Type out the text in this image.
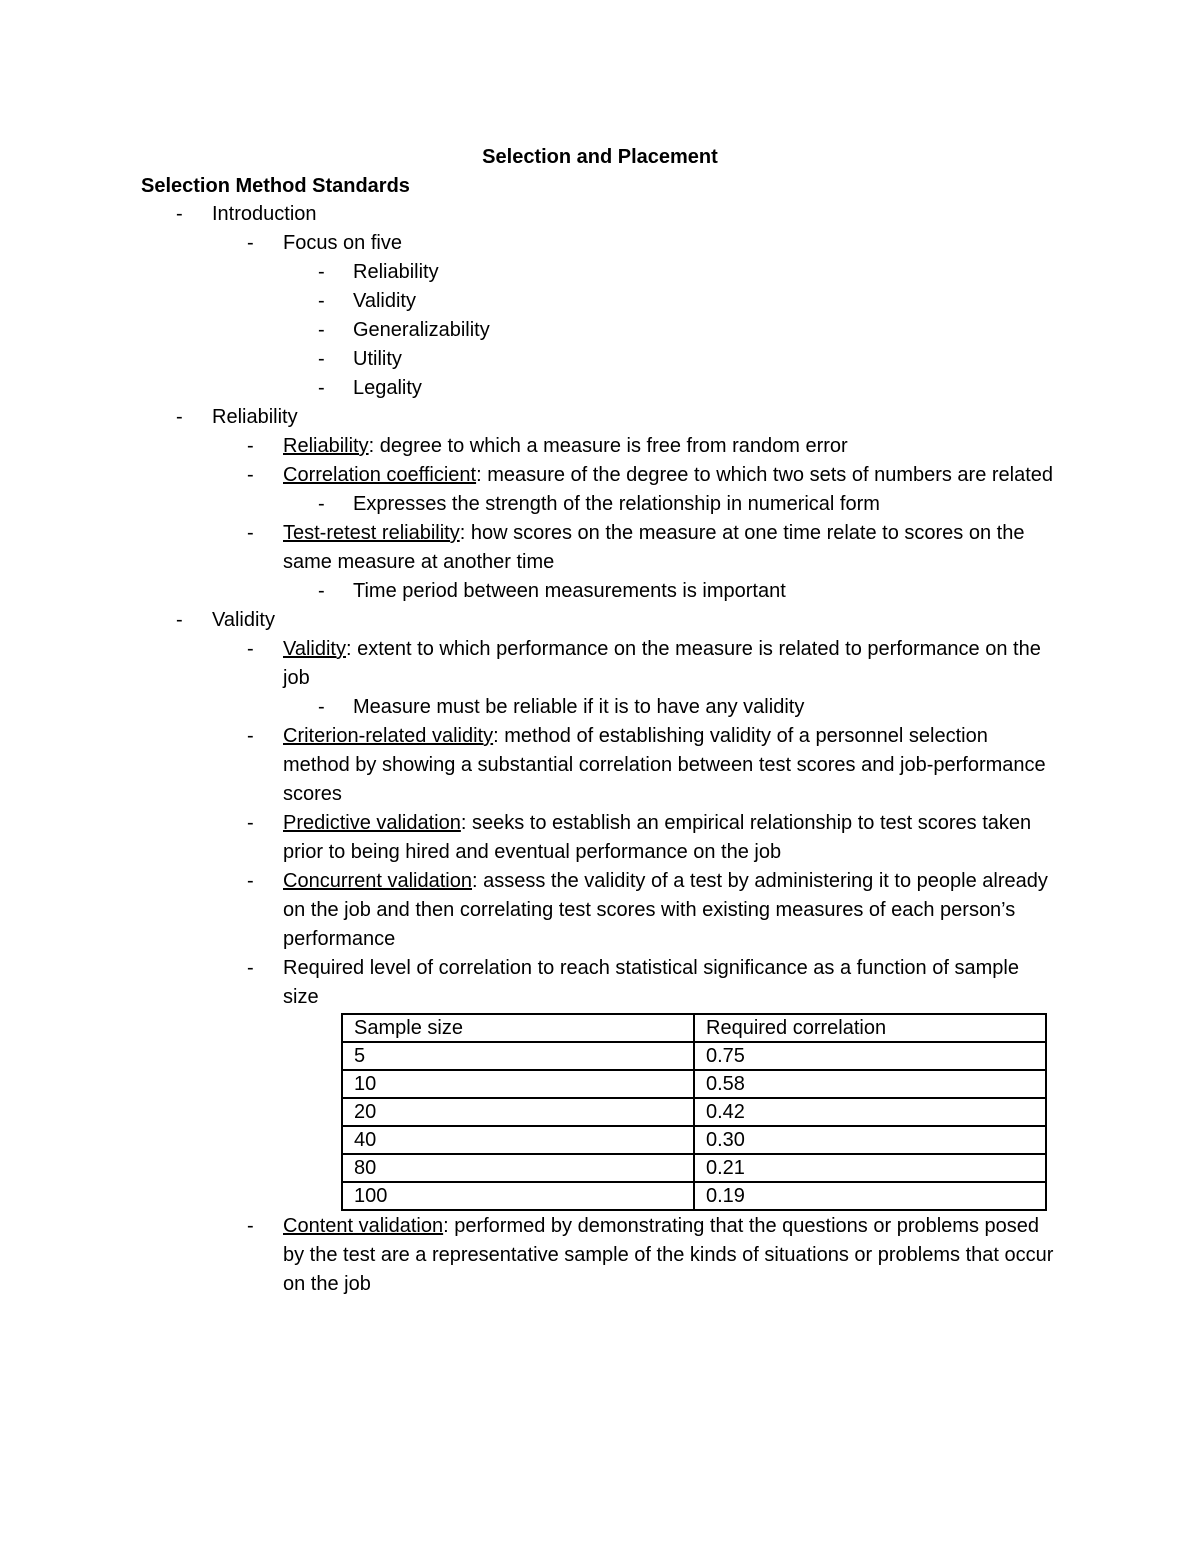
Selection and Placement
Selection Method Standards
-	Introduction
-	Focus on five
-	Reliability
-	Validity
-	Generalizability
-	Utility
-	Legality
-	Reliability
-	Reliability: degree to which a measure is free from random error
-	Correlation coefficient: measure of the degree to which two sets of numbers are related
-	Expresses the strength of the relationship in numerical form
-	Test-retest reliability: how scores on the measure at one time relate to scores on the same measure at another time
-	Time period between measurements is important
-	Validity
-	Validity: extent to which performance on the measure is related to performance on the job
-	Measure must be reliable if it is to have any validity
-	Criterion-related validity: method of establishing validity of a personnel selection method by showing a substantial correlation between test scores and job-performance scores
-	Predictive validation: seeks to establish an empirical relationship to test scores taken prior to being hired and eventual performance on the job
-	Concurrent validation: assess the validity of a test by administering it to people already on the job and then correlating test scores with existing measures of each person’s performance
-	Required level of correlation to reach statistical significance as a function of sample size
Sample size	Required correlation
5	0.75
10	0.58
20	0.42
40	0.30
80	0.21
100	0.19
-	Content validation: performed by demonstrating that the questions or problems posed by the test are a representative sample of the kinds of situations or problems that occur on the job
